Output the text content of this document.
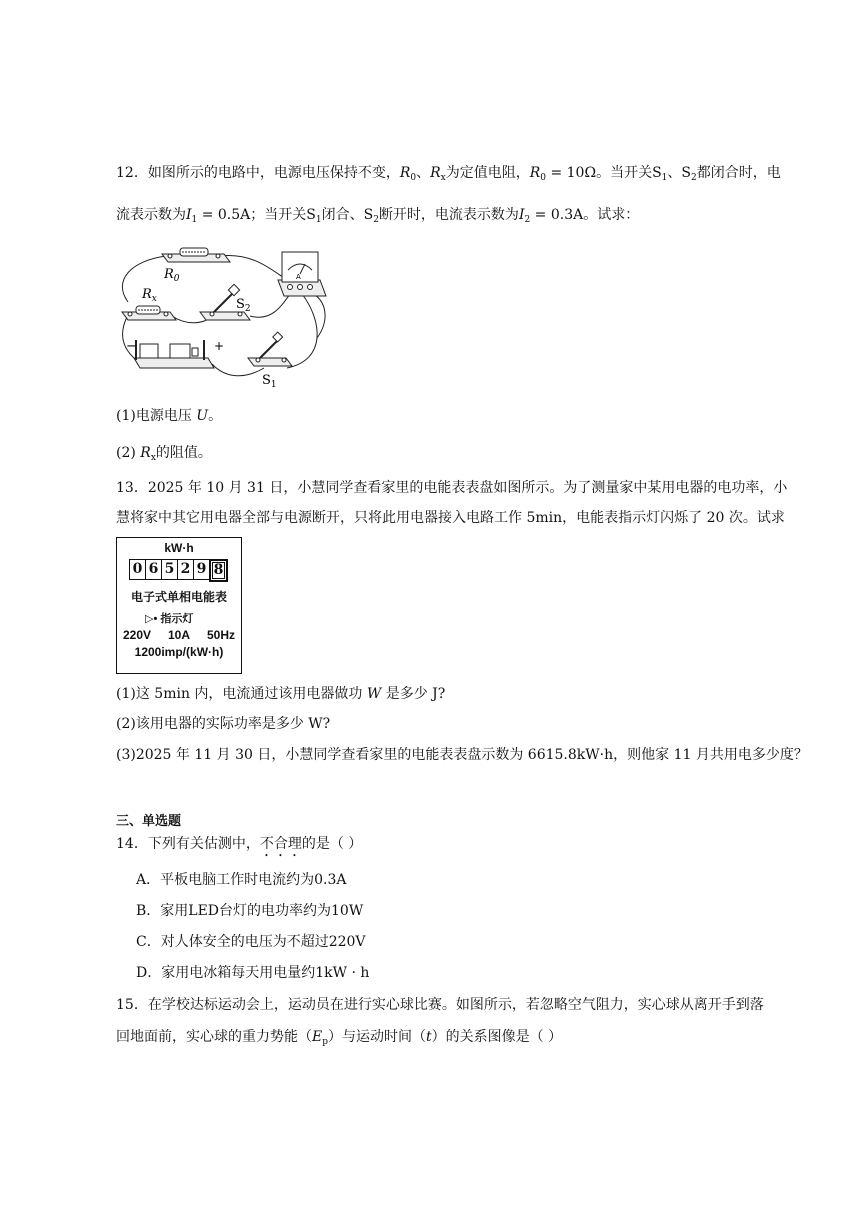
12．如图所示的电路中，电源电压保持不变，$R_0$、$R_x$为定值电阻，$R_0 = 10\Omega$。当开关$S_1$、$S_2$都闭合时，电
流表示数为$I_1 = 0.5A$；当开关$S_1$闭合、$S_2$断开时，电流表示数为$I_2 = 0.3A$。试求：
$R_0$
$R_x$	$S_2$
A
−	+
$S_1$
(1)电源电压 U。
(2) $R_x$的阻值。
13．2025 年 10 月 31 日，小慧同学查看家里的电能表表盘如图所示。为了测量家中某用电器的电功率，小
慧将家中其它用电器全部与电源断开，只将此用电器接入电路工作 5min，电能表指示灯闪烁了 20 次。试求
kW·h
0 6 5 2 9 8
电子式单相电能表
▷• 指示灯
220V 10A 50Hz
1200imp/(kW·h)
(1)这 5min 内，电流通过该用电器做功 W 是多少 J?
(2)该用电器的实际功率是多少 W?
(3)2025 年 11 月 30 日，小慧同学查看家里的电能表表盘示数为 6615.8kW·h，则他家 11 月共用电多少度？
三、单选题
14．下列有关估测中，不合理的是（ ）
A．平板电脑工作时电流约为0.3A
B．家用LED台灯的电功率约为10W
C．对人体安全的电压为不超过220V
D．家用电冰箱每天用电量约1kW · h
15．在学校达标运动会上，运动员在进行实心球比赛。如图所示，若忽略空气阻力，实心球从离开手到落
回地面前，实心球的重力势能$(E_p)$与运动时间（t）的关系图像是（ ）
